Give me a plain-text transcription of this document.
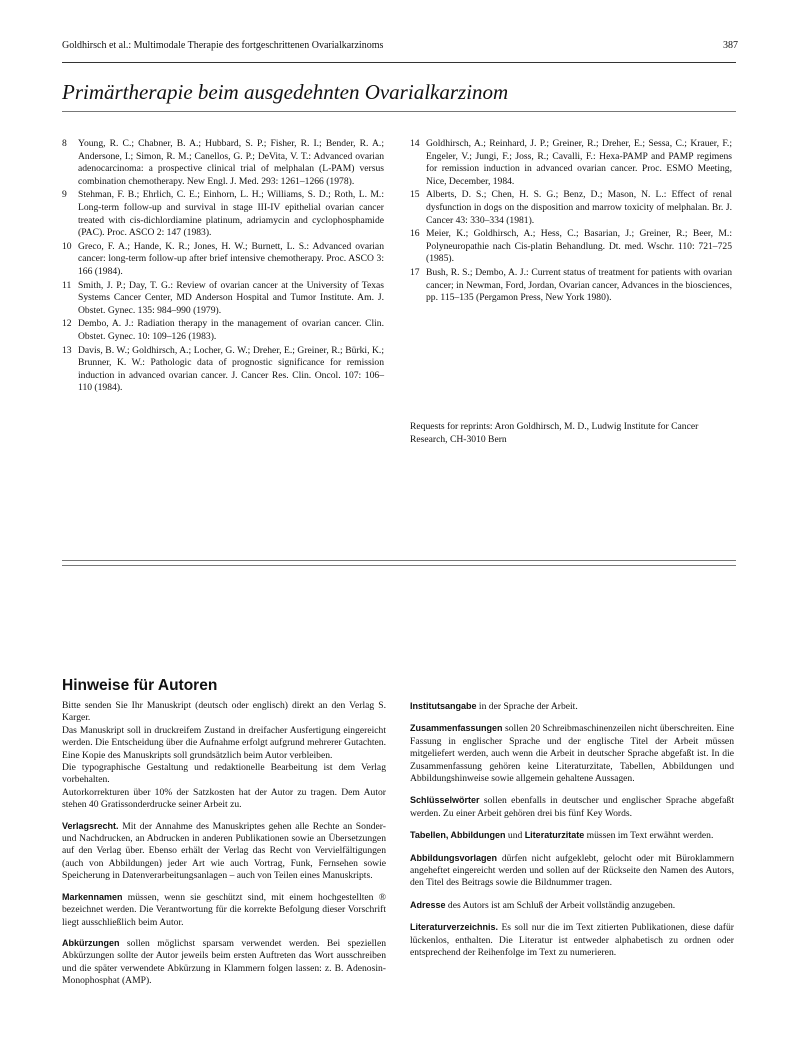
Goldhirsch et al.: Multimodale Therapie des fortgeschrittenen Ovarialkarzinoms	387
Primärtherapie beim ausgedehnten Ovarialkarzinom
8 Young, R. C.; Chabner, B. A.; Hubbard, S. P.; Fisher, R. I.; Bender, R. A.; Andersone, I.; Simon, R. M.; Canellos, G. P.; DeVita, V. T.: Advanced ovarian adenocarcinoma: a prospective clinical trial of melphalan (L-PAM) versus combination chemotherapy. New Engl. J. Med. 293: 1261–1266 (1978).
9 Stehman, F. B.; Ehrlich, C. E.; Einhorn, L. H.; Williams, S. D.; Roth, L. M.: Long-term follow-up and survival in stage III-IV epithelial ovarian cancer treated with cis-dichlordiamine platinum, adriamycin and cyclophosphamide (PAC). Proc. ASCO 2: 147 (1983).
10 Greco, F. A.; Hande, K. R.; Jones, H. W.; Burnett, L. S.: Advanced ovarian cancer: long-term follow-up after brief intensive chemotherapy. Proc. ASCO 3: 166 (1984).
11 Smith, J. P.; Day, T. G.: Review of ovarian cancer at the University of Texas Systems Cancer Center, MD Anderson Hospital and Tumor Institute. Am. J. Obstet. Gynec. 135: 984–990 (1979).
12 Dembo, A. J.: Radiation therapy in the management of ovarian cancer. Clin. Obstet. Gynec. 10: 109–126 (1983).
13 Davis, B. W.; Goldhirsch, A.; Locher, G. W.; Dreher, E.; Greiner, R.; Bürki, K.; Brunner, K. W.: Pathologic data of prognostic significance for remission induction in advanced ovarian cancer. J. Cancer Res. Clin. Oncol. 107: 106–110 (1984).
14 Goldhirsch, A.; Reinhard, J. P.; Greiner, R.; Dreher, E.; Sessa, C.; Krauer, F.; Engeler, V.; Jungi, F.; Joss, R.; Cavalli, F.: Hexa-PAMP and PAMP regimens for remission induction in advanced ovarian cancer. Proc. ESMO Meeting, Nice, December, 1984.
15 Alberts, D. S.; Chen, H. S. G.; Benz, D.; Mason, N. L.: Effect of renal dysfunction in dogs on the disposition and marrow toxicity of melphalan. Br. J. Cancer 43: 330–334 (1981).
16 Meier, K.; Goldhirsch, A.; Hess, C.; Basarian, J.; Greiner, R.; Beer, M.: Polyneuropathie nach Cis-platin Behandlung. Dt. med. Wschr. 110: 721–725 (1985).
17 Bush, R. S.; Dembo, A. J.: Current status of treatment for patients with ovarian cancer; in Newman, Ford, Jordan, Ovarian cancer, Advances in the biosciences, pp. 115–135 (Pergamon Press, New York 1980).

Requests for reprints: Aron Goldhirsch, M. D., Ludwig Institute for Cancer Research, CH-3010 Bern

Hinweise für Autoren

Bitte senden Sie Ihr Manuskript (deutsch oder englisch) direkt an den Verlag S. Karger.

Das Manuskript soll in druckreifem Zustand in dreifacher Ausfertigung eingereicht werden. Die Entscheidung über die Aufnahme erfolgt aufgrund mehrerer Gutachten. Eine Kopie des Manuskripts soll grundsätzlich beim Autor verbleiben.

Die typographische Gestaltung und redaktionelle Bearbeitung ist dem Verlag vorbehalten.

Autorkorrekturen über 10% der Satzkosten hat der Autor zu tragen. Dem Autor stehen 40 Gratissonderdrucke seiner Arbeit zu.

Verlagsrecht. Mit der Annahme des Manuskriptes gehen alle Rechte an Sonder- und Nachdrucken, an Abdrucken in anderen Publikationen sowie an Übersetzungen auf den Verlag über. Ebenso erhält der Verlag das Recht von Vervielfältigungen (auch von Abbildungen) jeder Art wie auch Vortrag, Funk, Fernsehen sowie Speicherung in Datenverarbeitungsanlagen – auch von Teilen eines Manuskripts.

Markennamen müssen, wenn sie geschützt sind, mit einem hochgestellten ® bezeichnet werden. Die Verantwortung für die korrekte Befolgung dieser Vorschrift liegt ausschließlich beim Autor.

Abkürzungen sollen möglichst sparsam verwendet werden. Bei speziellen Abkürzungen sollte der Autor jeweils beim ersten Auftreten das Wort ausschreiben und die später verwendete Abkürzung in Klammern folgen lassen: z. B. Adenosin-Monophosphat (AMP).

Institutsangabe in der Sprache der Arbeit.

Zusammenfassungen sollen 20 Schreibmaschinenzeilen nicht überschreiten. Eine Fassung in englischer Sprache und der englische Titel der Arbeit müssen mitgeliefert werden, auch wenn die Arbeit in deutscher Sprache abgefaßt ist. In die Zusammenfassung gehören keine Literaturzitate, Tabellen, Abbildungen und Abbildungshinweise sowie allgemein gehaltene Aussagen.

Schlüsselwörter sollen ebenfalls in deutscher und englischer Sprache abgefaßt werden. Zu einer Arbeit gehören drei bis fünf Key Words.

Tabellen, Abbildungen und Literaturzitate müssen im Text erwähnt werden.

Abbildungsvorlagen dürfen nicht aufgeklebt, gelocht oder mit Büroklammern angeheftet eingereicht werden und sollen auf der Rückseite den Namen des Autors, den Titel des Beitrags sowie die Bildnummer tragen.

Adresse des Autors ist am Schluß der Arbeit vollständig anzugeben.

Literaturverzeichnis. Es soll nur die im Text zitierten Publikationen, diese dafür lückenlos, enthalten. Die Literatur ist entweder alphabetisch zu ordnen oder entsprechend der Reihenfolge im Text zu numerieren.
